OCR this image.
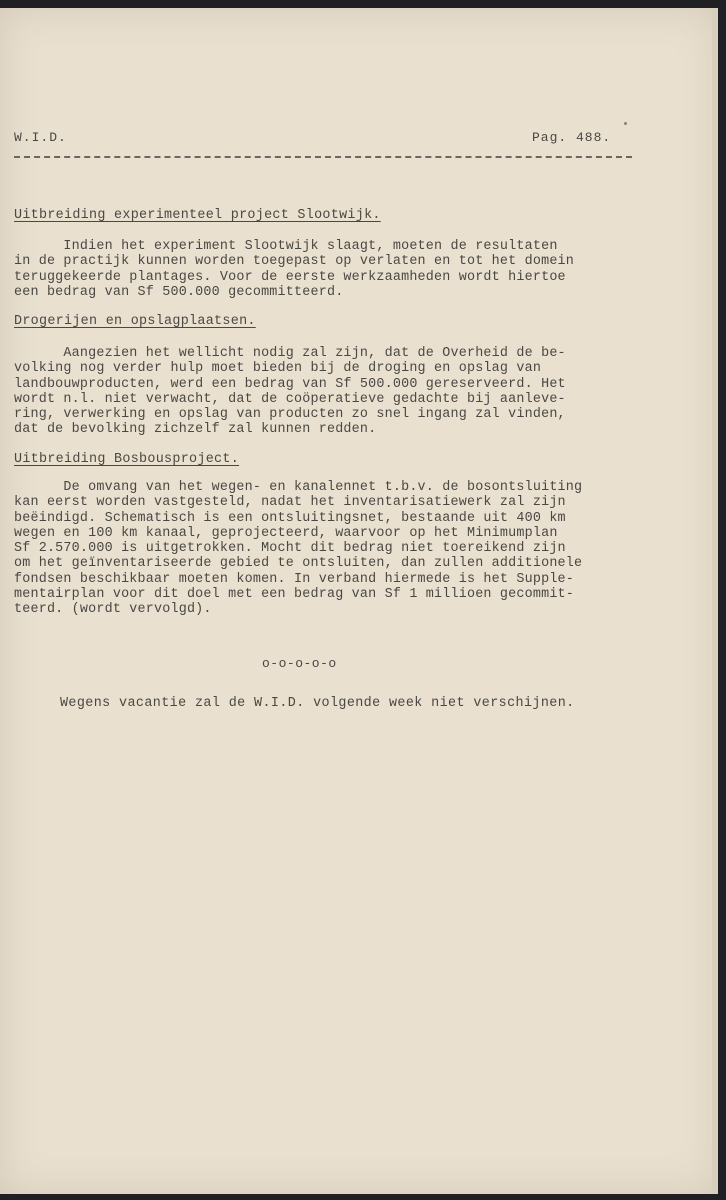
W.I.D.	Pag. 488.
Uitbreiding experimenteel project Slootwijk.
Indien het experiment Slootwijk slaagt, moeten de resultaten
in de practijk kunnen worden toegepast op verlaten en tot het domein
teruggekeerde plantages. Voor de eerste werkzaamheden wordt hiertoe
een bedrag van Sf 500.000 gecommitteerd.
Drogerijen en opslagplaatsen.
Aangezien het wellicht nodig zal zijn, dat de Overheid de be-
volking nog verder hulp moet bieden bij de droging en opslag van
landbouwproducten, werd een bedrag van Sf 500.000 gereserveerd. Het
wordt n.l. niet verwacht, dat de coöperatieve gedachte bij aanleve-
ring, verwerking en opslag van producten zo snel ingang zal vinden,
dat de bevolking zichzelf zal kunnen redden.
Uitbreiding Bosbousproject.
De omvang van het wegen- en kanalennet t.b.v. de bosontsluiting
kan eerst worden vastgesteld, nadat het inventarisatiewerk zal zijn
beëindigd. Schematisch is een ontsluitingsnet, bestaande uit 400 km
wegen en 100 km kanaal, geprojecteerd, waarvoor op het Minimumplan
Sf 2.570.000 is uitgetrokken. Mocht dit bedrag niet toereikend zijn
om het geïnventariseerde gebied te ontsluiten, dan zullen additionele
fondsen beschikbaar moeten komen. In verband hiermede is het Supple-
mentairplan voor dit doel met een bedrag van Sf 1 millioen gecommit-
teerd. (wordt vervolgd).
o-o-o-o-o
Wegens vacantie zal de W.I.D. volgende week niet verschijnen.
